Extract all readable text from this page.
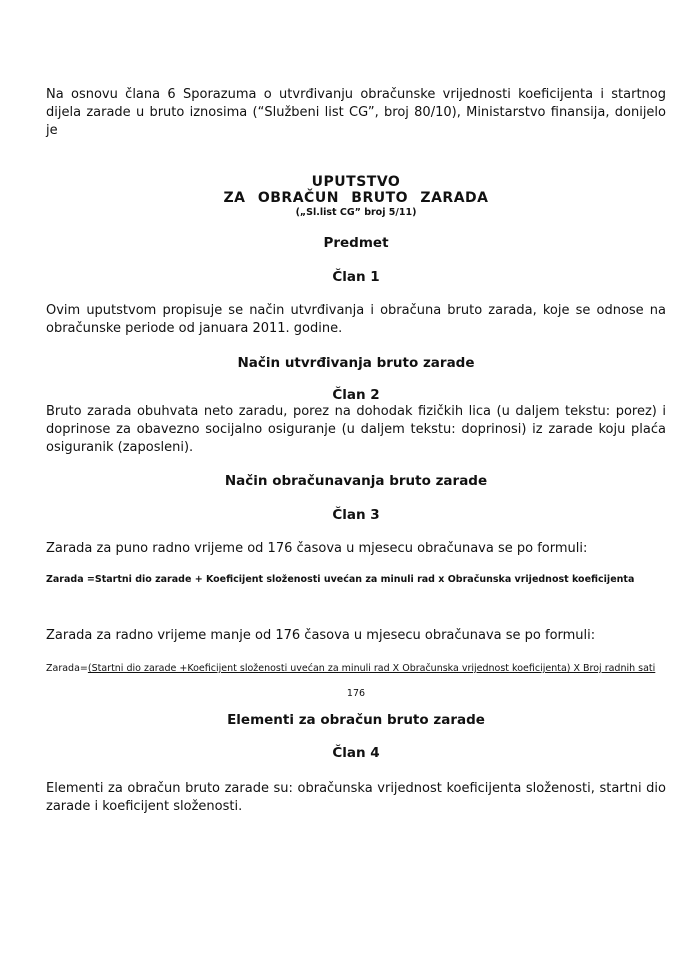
Na osnovu člana 6 Sporazuma o utvrđivanju obračunske vrijednosti koeficijenta i startnog dijela zarade u bruto iznosima (“Službeni list CG”, broj 80/10), Ministarstvo finansija, donijelo je
UPUTSTVO
ZA OBRAČUN BRUTO ZARADA
(„Sl.list CG” broj 5/11)
Predmet
Član 1
Ovim uputstvom propisuje se način utvrđivanja i obračuna bruto zarada, koje se odnose na obračunske periode od januara 2011. godine.
Način utvrđivanja bruto zarade
Član 2
Bruto zarada obuhvata neto zaradu, porez na dohodak fizičkih lica (u daljem tekstu: porez) i doprinose za obavezno socijalno osiguranje (u daljem tekstu: doprinosi) iz zarade koju plaća osiguranik (zaposleni).
Način obračunavanja bruto zarade
Član 3
Zarada za puno radno vrijeme od 176 časova u mjesecu obračunava se po formuli:
Zarada =Startni dio zarade + Koeficijent složenosti uvećan za minuli rad x Obračunska vrijednost koeficijenta
Zarada za radno vrijeme manje od 176 časova u mjesecu obračunava se po formuli:
Zarada=(Startni dio zarade +Koeficijent složenosti uvećan za minuli rad X Obračunska vrijednost koeficijenta) X Broj radnih sati
176
Elementi za obračun bruto zarade
Član 4
Elementi za obračun bruto zarade su: obračunska vrijednost koeficijenta složenosti, startni dio zarade i koeficijent složenosti.
